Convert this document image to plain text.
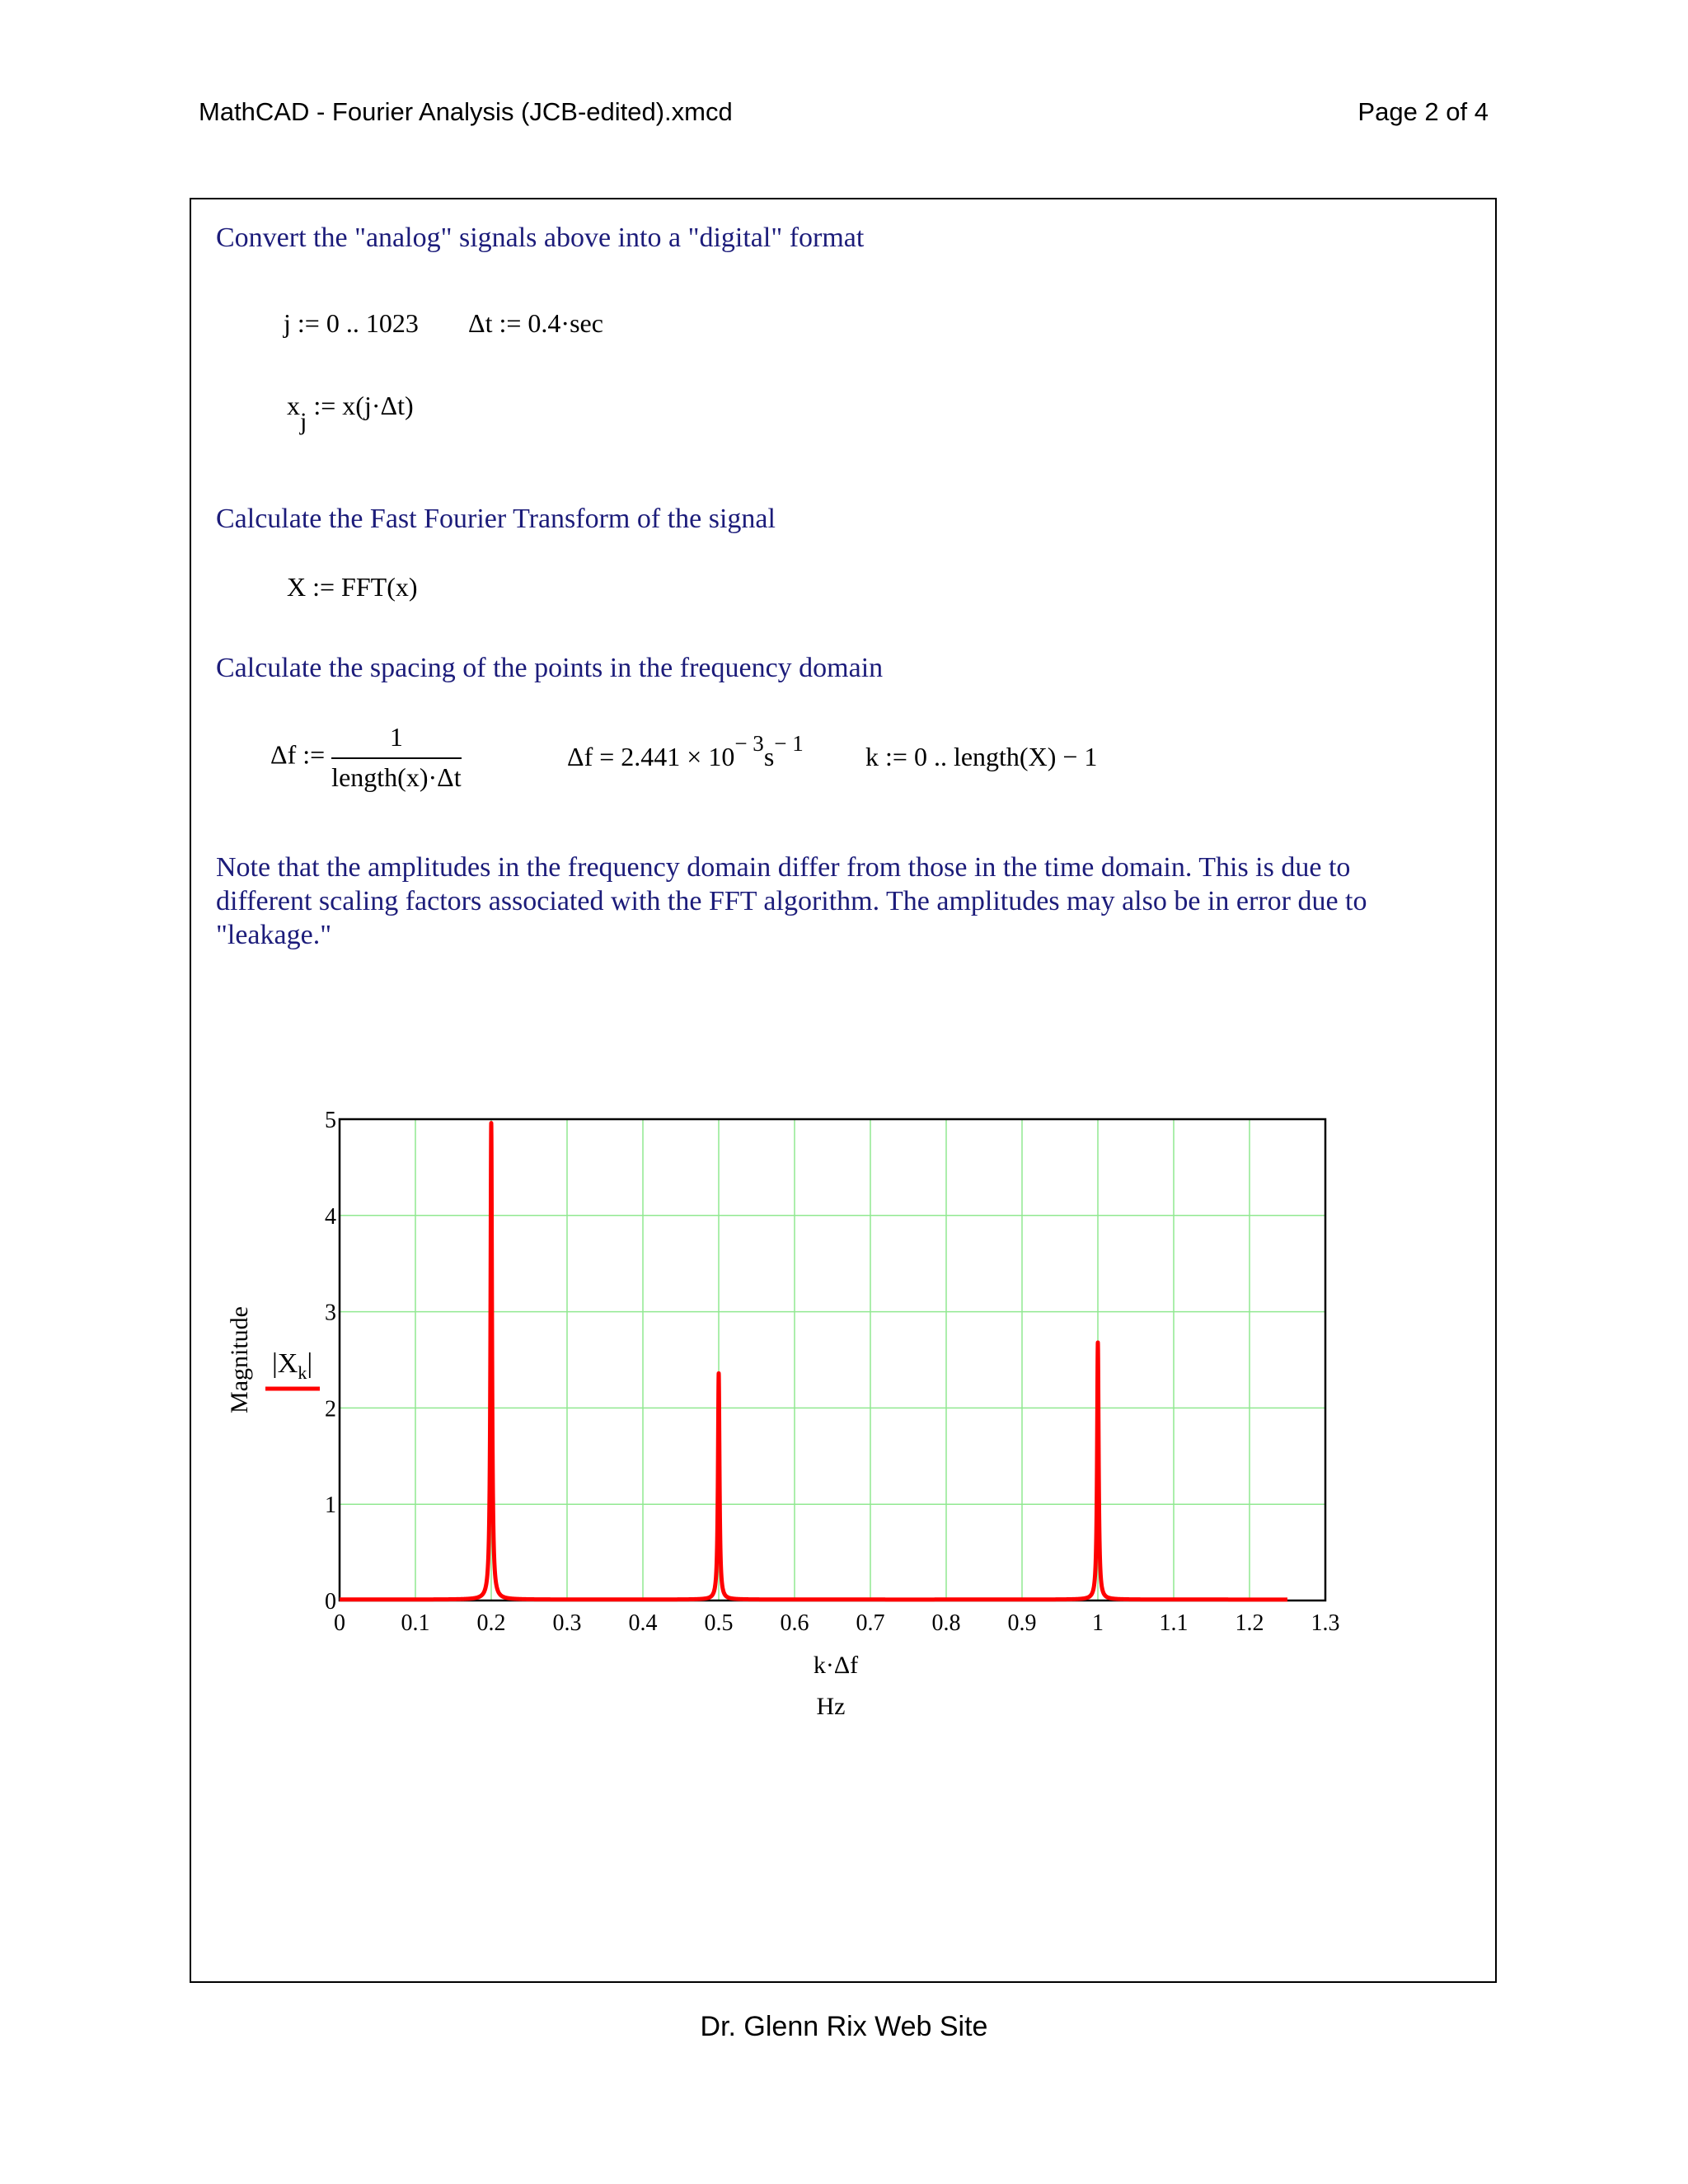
MathCAD - Fourier Analysis (JCB-edited).xmcd	Page 2 of 4
Convert the "analog" signals above into a "digital" format
j := 0 .. 1023 Δt := 0.4·sec
xj := x(j·Δt)
Calculate the Fast Fourier Transform of the signal
X := FFT(x)
Calculate the spacing of the points in the frequency domain
Δf := $\frac{1}{\text{length(x)·Δt}}$	$\Delta f = 2.441 \times 10^{- 3}s^{- 1}$ k := 0 .. length(X) − 1
Note that the amplitudes in the frequency domain differ from those in the time domain. This is due to different scaling factors associated with the FFT algorithm. The amplitudes may also be in error due to "leakage."
0 0.1 0.2 0.3 0.4 0.5 0.6 0.7 0.8 0.9 1 1.1 1.2 1.3
0
1
2
3
4
5
k·Δf
Hz
Magnitude $|X_k|$
Dr. Glenn Rix Web Site
